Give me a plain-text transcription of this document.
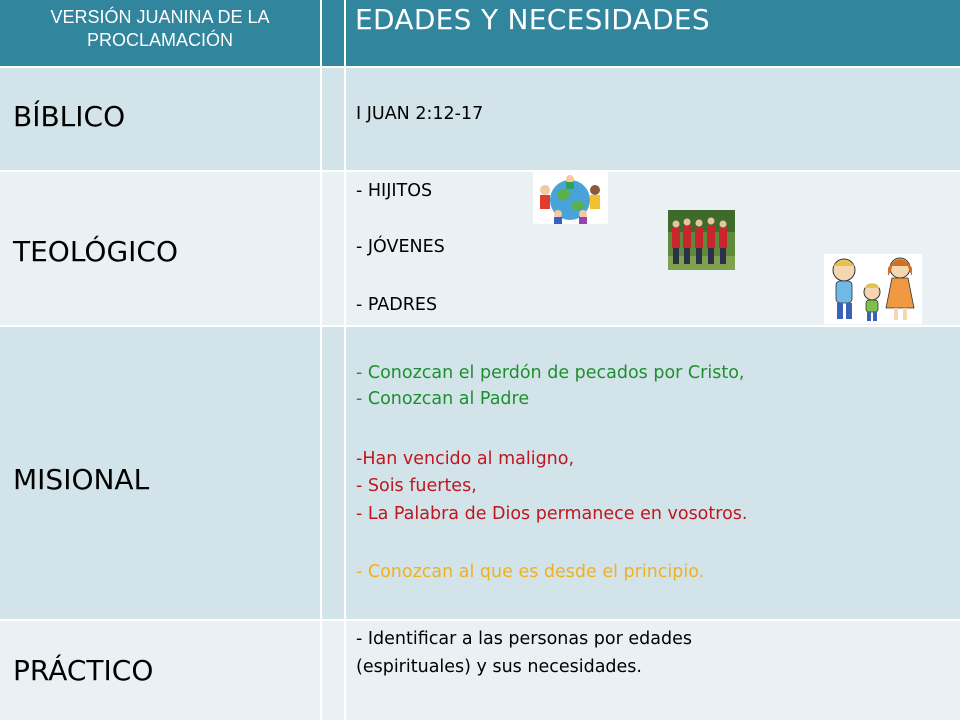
VERSIÓN JUANINA DE LA
PROCLAMACIÓN
EDADES Y NECESIDADES
BÍBLICO	I JUAN 2:12-17
TEOLÓGICO
- HIJITOS
- JÓVENES
- PADRES
MISIONAL
- Conozcan el perdón de pecados por Cristo,
- Conozcan al Padre
-Han vencido al maligno,
- Sois fuertes,
- La Palabra de Dios permanece en vosotros.
- Conozcan al que es desde el principio.
PRÁCTICO
- Identificar a las personas por edades
(espirituales) y sus necesidades.
